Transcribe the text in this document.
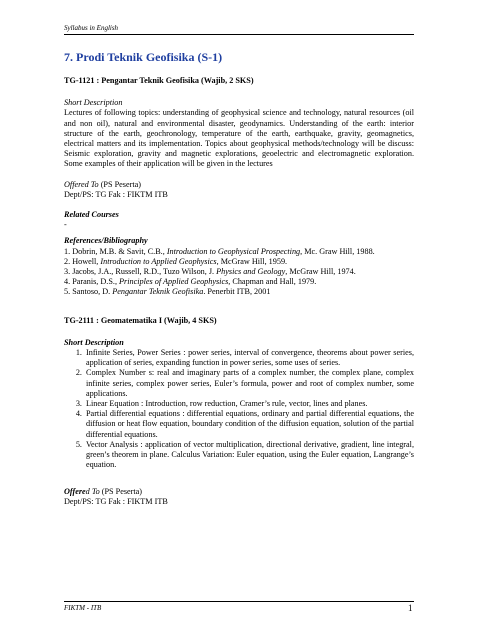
Syllabus in English
7. Prodi Teknik Geofisika (S-1)

TG-1121 : Pengantar Teknik Geofisika (Wajib, 2 SKS)

Short Description

Lectures of following topics: understanding of geophysical science and technology, natural resources (oil and non oil), natural and environmental disaster, geodynamics. Understanding of the earth: interior structure of the earth, geochronology, temperature of the earth, earthquake, gravity, geomagnetics, electrical matters and its implementation. Topics about geophysical methods/technology will be discuss: Seismic exploration, gravity and magnetic explorations, geoelectric and electromagnetic exploration. Some examples of their application will be given in the lectures

Offered To (PS Peserta)

Dept/PS: TG Fak : FIKTM ITB

Related Courses

-

References/Bibliography

1. Dobrin, M.B. & Savit, C.B., Introduction to Geophysical Prospecting, Mc. Graw Hill, 1988.
2. Howell, Introduction to Applied Geophysics, McGraw Hill, 1959.
3. Jacobs, J.A., Russell, R.D., Tuzo Wilson, J. Physics and Geology, McGraw Hill, 1974.
4. Paranis, D.S., Principles of Applied Geophysics, Chapman and Hall, 1979.
5. Santoso, D. Pengantar Teknik Geofisika. Penerbit ITB, 2001

TG-2111 : Geomatematika I (Wajib, 4 SKS)

Short Description

1. Infinite Series, Power Series : power series, interval of convergence, theorems about power series, application of series, expanding function in power series, some uses of series.
2. Complex Number s: real and imaginary parts of a complex number, the complex plane, complex infinite series, complex power series, Euler’s formula, power and root of complex number, some applications.
3. Linear Equation : Introduction, row reduction, Cramer’s rule, vector, lines and planes.
4. Partial differential equations : differential equations, ordinary and partial differential equations, the diffusion or heat flow equation, boundary condition of the diffusion equation, solution of the partial differential equations.
5. Vector Analysis : application of vector multiplication, directional derivative, gradient, line integral, green’s theorem in plane. Calculus Variation: Euler equation, using the Euler equation, Langrange’s equation.

Offered To (PS Peserta)

Dept/PS: TG Fak : FIKTM ITB

FIKTM - ITB	1
